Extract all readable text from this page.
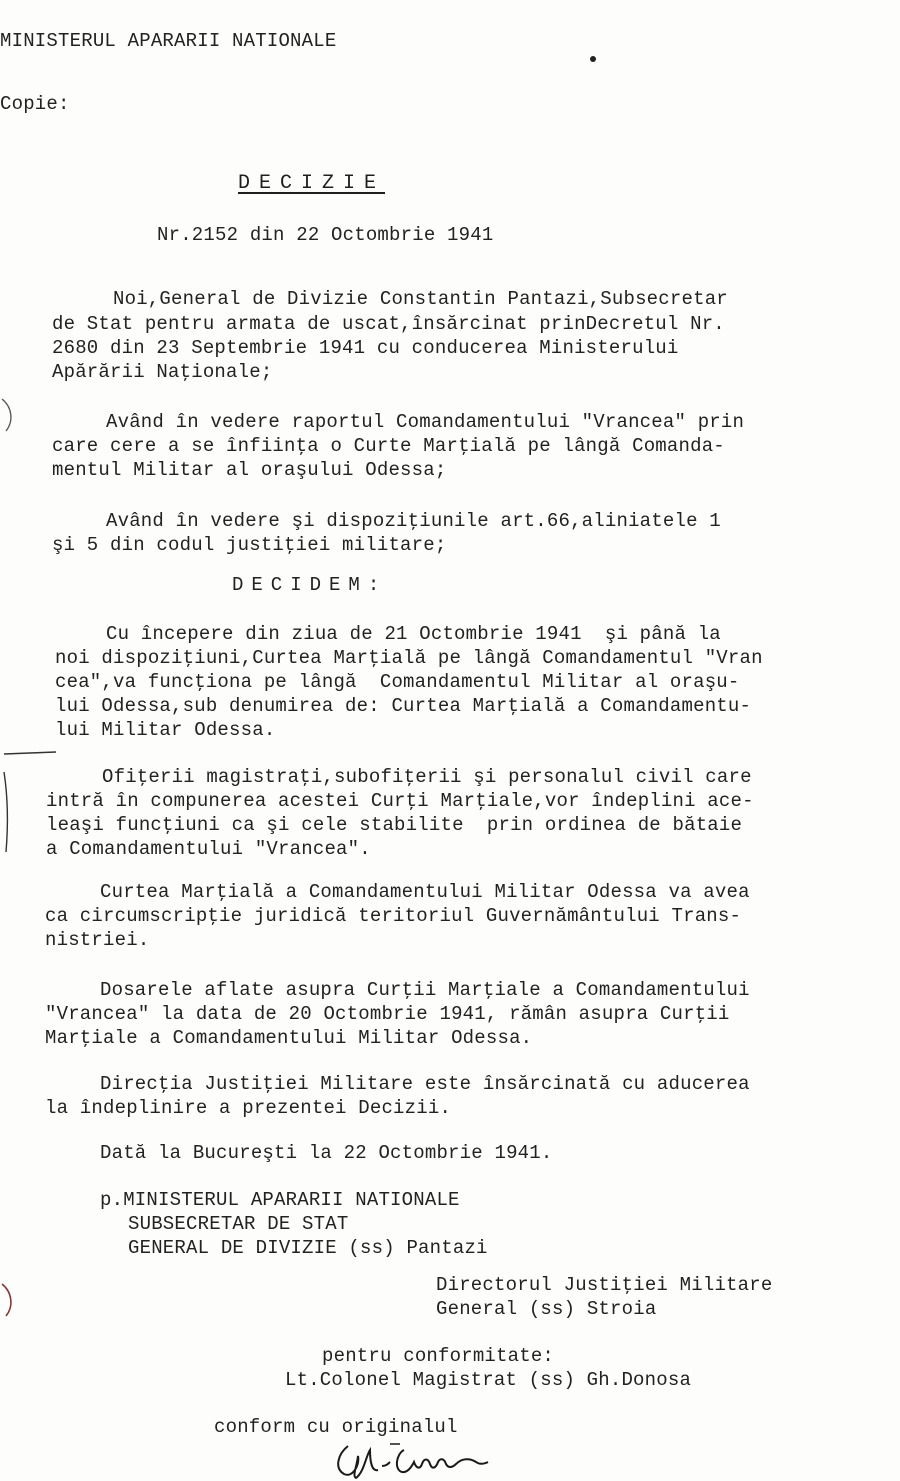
MINISTERUL APARARII NATIONALE
Copie:
DECIZIE
Nr.2152 din 22 Octombrie 1941
Noi,General de Divizie Constantin Pantazi,Subsecretar
de Stat pentru armata de uscat,însărcinat prinDecretul Nr.
2680 din 23 Septembrie 1941 cu conducerea Ministerului
Apărării Naţionale;
Având în vedere raportul Comandamentului "Vrancea" prin
care cere a se înfiinţa o Curte Marţială pe lângă Comanda-
mentul Militar al oraşului Odessa;
Având în vedere şi dispoziţiunile art.66,aliniatele 1
şi 5 din codul justiţiei militare;
DECIDEM:
Cu începere din ziua de 21 Octombrie 1941  şi până la
noi dispoziţiuni,Curtea Marţială pe lângă Comandamentul "Vran
cea",va funcţiona pe lângă  Comandamentul Militar al oraşu-
lui Odessa,sub denumirea de: Curtea Marţială a Comandamentu-
lui Militar Odessa.
Ofiţerii magistraţi,subofiţerii şi personalul civil care
intră în compunerea acestei Curţi Marţiale,vor îndeplini ace-
leaşi funcţiuni ca şi cele stabilite  prin ordinea de bătaie
a Comandamentului "Vrancea".
Curtea Marţială a Comandamentului Militar Odessa va avea
ca circumscripţie juridică teritoriul Guvernământului Trans-
nistriei.
Dosarele aflate asupra Curţii Marţiale a Comandamentului
"Vrancea" la data de 20 Octombrie 1941, rămân asupra Curţii
Marţiale a Comandamentului Militar Odessa.
Direcţia Justiţiei Militare este însărcinată cu aducerea
la îndeplinire a prezentei Decizii.
Dată la Bucureşti la 22 Octombrie 1941.
p.MINISTERUL APARARII NATIONALE
SUBSECRETAR DE STAT
GENERAL DE DIVIZIE (ss) Pantazi
Directorul Justiţiei Militare
General (ss) Stroia
pentru conformitate:
Lt.Colonel Magistrat (ss) Gh.Donosa
conform cu originalul
